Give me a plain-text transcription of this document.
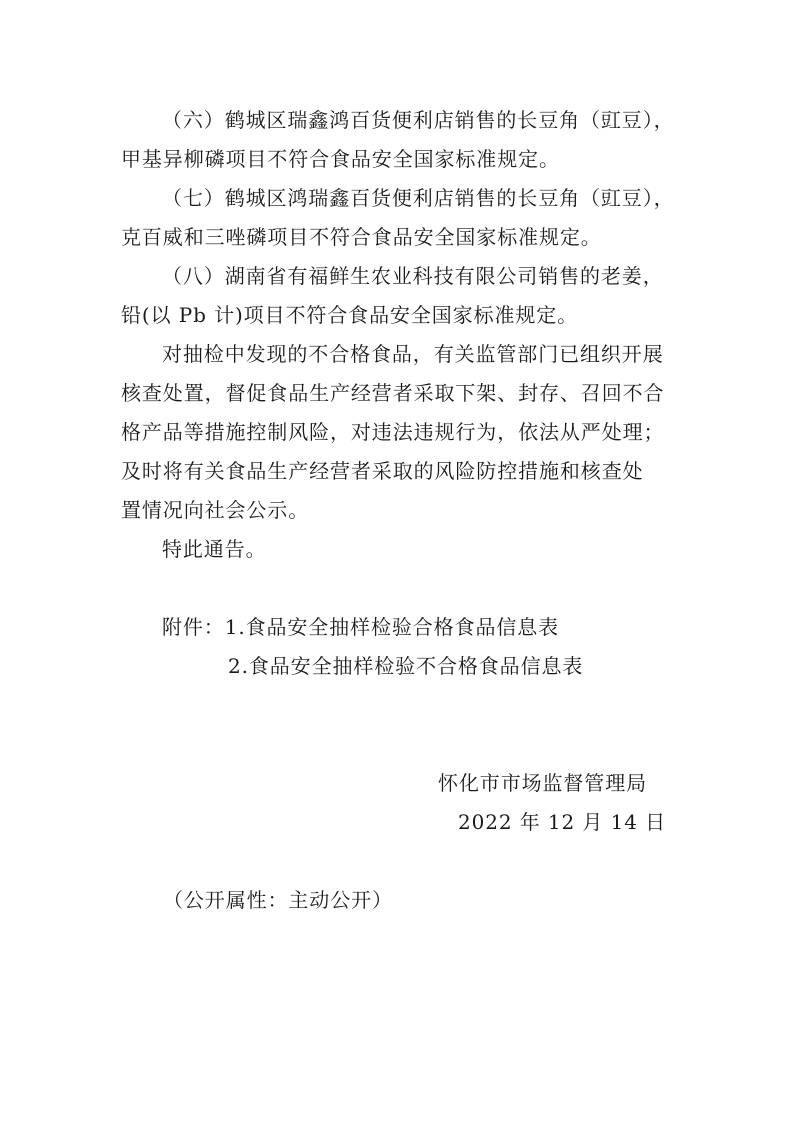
（六）鹤城区瑞鑫鸿百货便利店销售的长豆角（豇豆），
甲基异柳磷项目不符合食品安全国家标准规定。
（七）鹤城区鸿瑞鑫百货便利店销售的长豆角（豇豆），
克百威和三唑磷项目不符合食品安全国家标准规定。
（八）湖南省有福鲜生农业科技有限公司销售的老姜，
铅(以 Pb 计)项目不符合食品安全国家标准规定。
对抽检中发现的不合格食品，有关监管部门已组织开展
核查处置，督促食品生产经营者采取下架、封存、召回不合
格产品等措施控制风险，对违法违规行为，依法从严处理；
及时将有关食品生产经营者采取的风险防控措施和核查处
置情况向社会公示。
特此通告。
附件：1.食品安全抽样检验合格食品信息表
2.食品安全抽样检验不合格食品信息表
怀化市市场监督管理局
2022 年 12 月 14 日
（公开属性：主动公开）
